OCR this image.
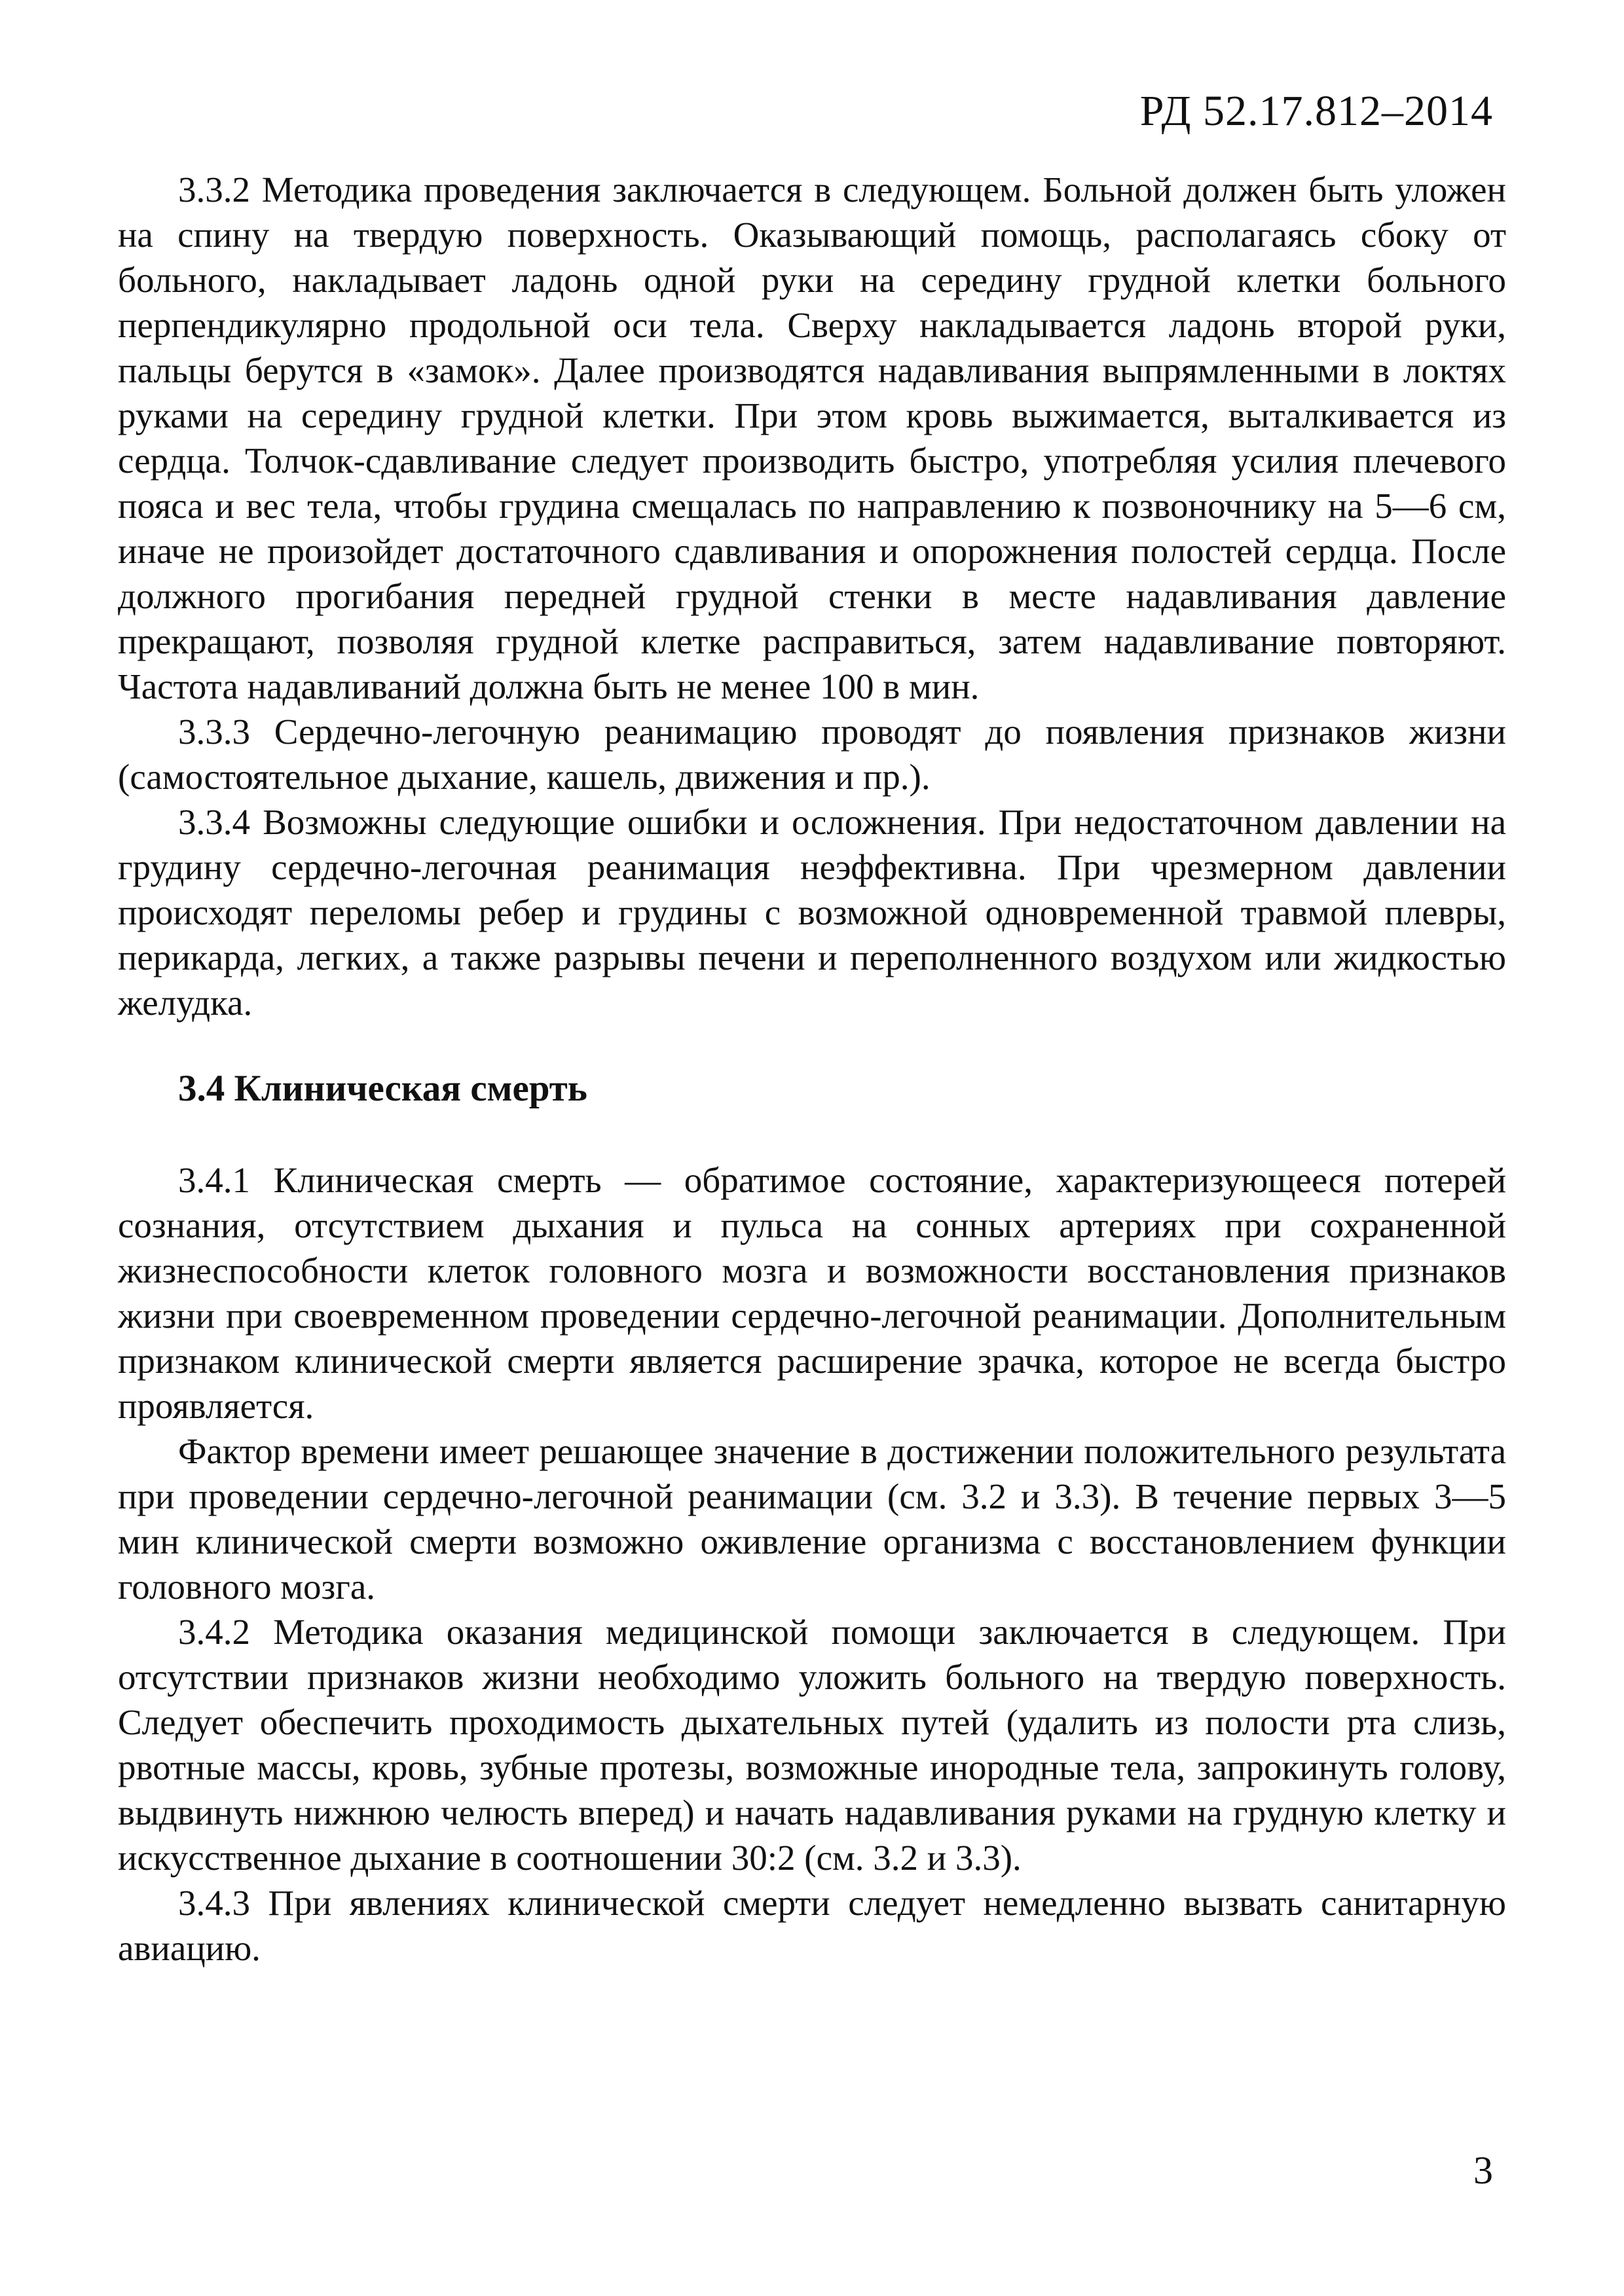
РД 52.17.812–2014

3.3.2 Методика проведения заключается в следующем. Больной должен быть уложен на спину на твердую поверхность. Оказывающий помощь, располагаясь сбоку от больного, накладывает ладонь одной руки на середину грудной клетки больного перпендикулярно продольной оси тела. Сверху накладывается ладонь второй руки, пальцы берутся в «замок». Далее производятся надавливания выпрямленными в локтях руками на середину грудной клетки. При этом кровь выжимается, выталкивается из сердца. Толчок-сдавливание следует производить быстро, употребляя усилия плечевого пояса и вес тела, чтобы грудина смещалась по направлению к позвоночнику на 5—6 см, иначе не произойдет достаточного сдавливания и опорожнения полостей сердца. После должного прогибания передней грудной стенки в месте надавливания давление прекращают, позволяя грудной клетке расправиться, затем надавливание повторяют. Частота надавливаний должна быть не менее 100 в мин.

3.3.3 Сердечно-легочную реанимацию проводят до появления признаков жизни (самостоятельное дыхание, кашель, движения и пр.).

3.3.4 Возможны следующие ошибки и осложнения. При недостаточном давлении на грудину сердечно-легочная реанимация неэффективна. При чрезмерном давлении происходят переломы ребер и грудины с возможной одновременной травмой плевры, перикарда, легких, а также разрывы печени и переполненного воздухом или жидкостью желудка.

3.4 Клиническая смерть

3.4.1 Клиническая смерть — обратимое состояние, характеризующееся потерей сознания, отсутствием дыхания и пульса на сонных артериях при сохраненной жизнеспособности клеток головного мозга и возможности восстановления признаков жизни при своевременном проведении сердечно-легочной реанимации. Дополнительным признаком клинической смерти является расширение зрачка, которое не всегда быстро проявляется.

Фактор времени имеет решающее значение в достижении положительного результата при проведении сердечно-легочной реанимации (см. 3.2 и 3.3). В течение первых 3—5 мин клинической смерти возможно оживление организма с восстановлением функции головного мозга.

3.4.2 Методика оказания медицинской помощи заключается в следующем. При отсутствии признаков жизни необходимо уложить больного на твердую поверхность. Следует обеспечить проходимость дыхательных путей (удалить из полости рта слизь, рвотные массы, кровь, зубные протезы, возможные инородные тела, запрокинуть голову, выдвинуть нижнюю челюсть вперед) и начать надавливания руками на грудную клетку и искусственное дыхание в соотношении 30:2 (см. 3.2 и 3.3).

3.4.3 При явлениях клинической смерти следует немедленно вызвать санитарную авиацию.

3
